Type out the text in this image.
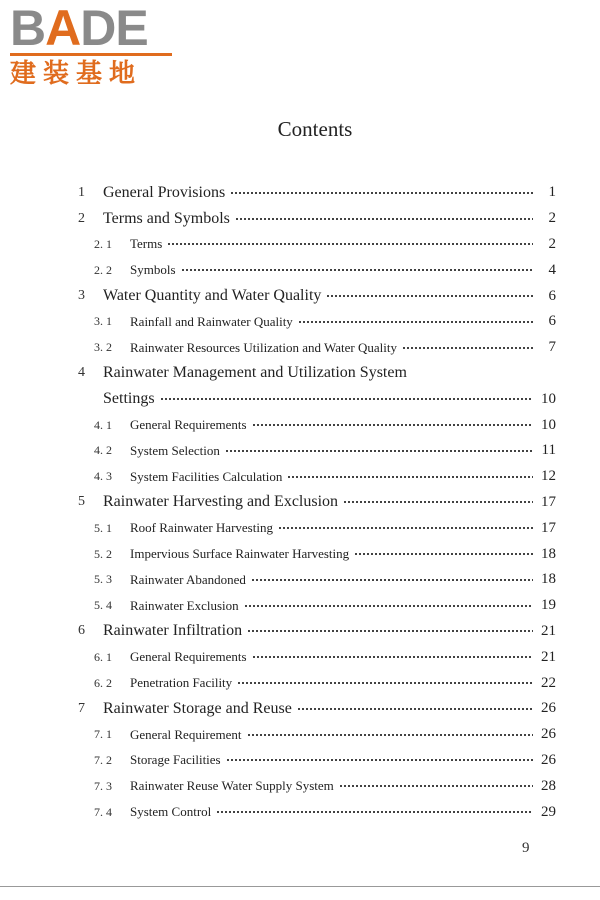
BADE
建装基地
Contents
1 General Provisions	1
2 Terms and Symbols	2
2. 1 Terms	2
2. 2 Symbols	4
3 Water Quantity and Water Quality	6
3. 1 Rainfall and Rainwater Quality	6
3. 2 Rainwater Resources Utilization and Water Quality	7
4 Rainwater Management and Utilization System
Settings	10
4. 1 General Requirements	10
4. 2 System Selection	11
4. 3 System Facilities Calculation	12
5 Rainwater Harvesting and Exclusion	17
5. 1 Roof Rainwater Harvesting	17
5. 2 Impervious Surface Rainwater Harvesting	18
5. 3 Rainwater Abandoned	18
5. 4 Rainwater Exclusion	19
6 Rainwater Infiltration	21
6. 1 General Requirements	21
6. 2 Penetration Facility	22
7 Rainwater Storage and Reuse	26
7. 1 General Requirement	26
7. 2 Storage Facilities	26
7. 3 Rainwater Reuse Water Supply System	28
7. 4 System Control	29
9
